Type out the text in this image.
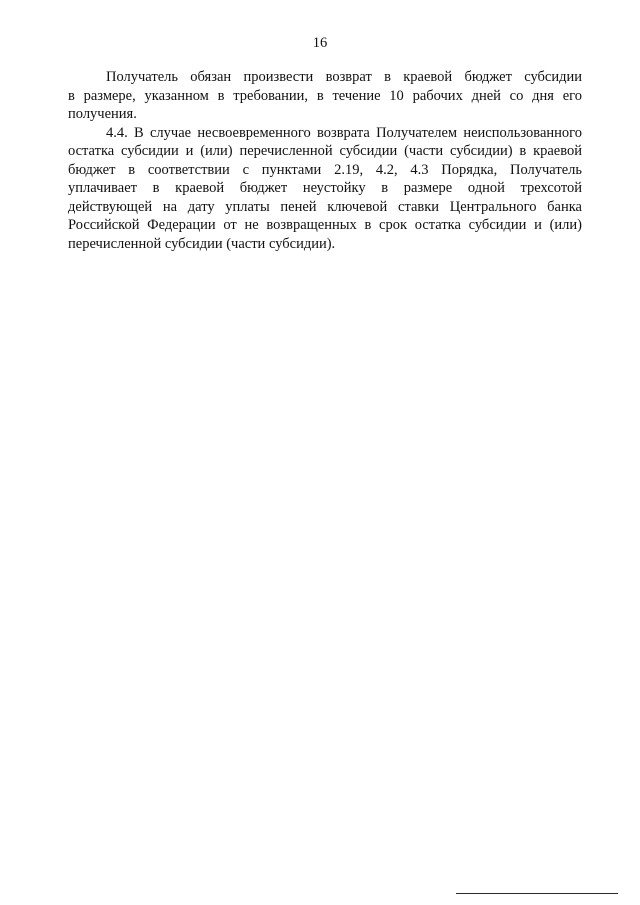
16
Получатель обязан произвести возврат в краевой бюджет субсидии
в размере, указанном в требовании, в течение 10 рабочих дней со дня его
получения.
4.4. В случае несвоевременного возврата Получателем неиспользованного
остатка субсидии и (или) перечисленной субсидии (части субсидии) в краевой
бюджет в соответствии с пунктами 2.19, 4.2, 4.3 Порядка, Получатель
уплачивает в краевой бюджет неустойку в размере одной трехсотой
действующей на дату уплаты пеней ключевой ставки Центрального банка
Российской Федерации от не возвращенных в срок остатка субсидии и (или)
перечисленной субсидии (части субсидии).
